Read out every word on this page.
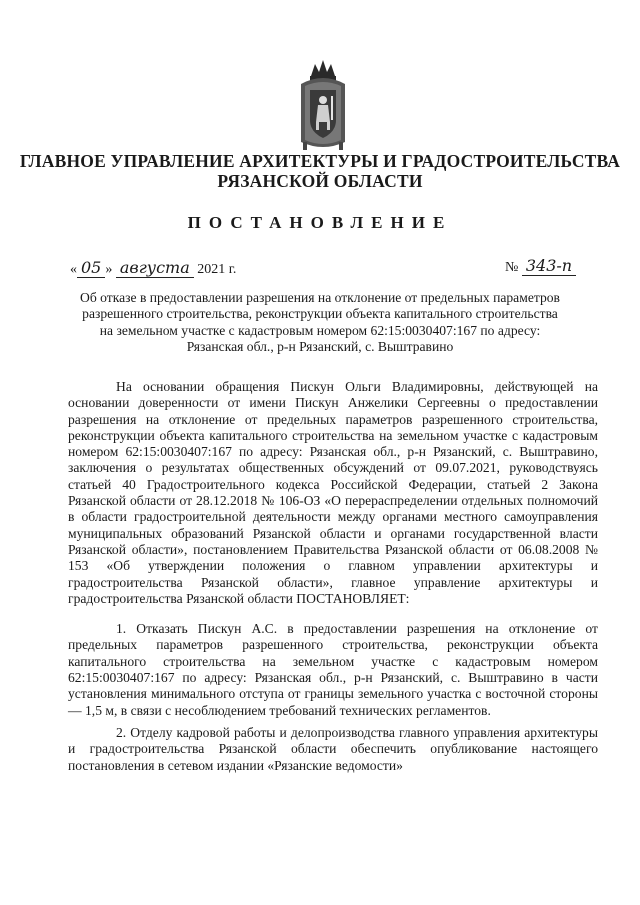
ГЛАВНОЕ УПРАВЛЕНИЕ АРХИТЕКТУРЫ И ГРАДОСТРОИТЕЛЬСТВА
РЯЗАНСКОЙ ОБЛАСТИ
ПОСТАНОВЛЕНИЕ
« 05 » августа 2021 г.	№ 343-п
Об отказе в предоставлении разрешения на отклонение от предельных параметров
разрешенного строительства, реконструкции объекта капитального строительства
на земельном участке с кадастровым номером 62:15:0030407:167 по адресу:
Рязанская обл., р-н Рязанский, с. Выштравино

На основании обращения Пискун Ольги Владимировны, действующей на основании доверенности от имени Пискун Анжелики Сергеевны о предоставлении разрешения на отклонение от предельных параметров разрешенного строительства, реконструкции объекта капитального строительства на земельном участке с кадастровым номером 62:15:0030407:167 по адресу: Рязанская обл., р-н Рязанский, с. Выштравино, заключения о результатах общественных обсуждений от 09.07.2021, руководствуясь статьей 40 Градостроительного кодекса Российской Федерации, статьей 2 Закона Рязанской области от 28.12.2018 № 106-ОЗ «О перераспределении отдельных полномочий в области градостроительной деятельности между органами местного самоуправления муниципальных образований Рязанской области и органами государственной власти Рязанской области», постановлением Правительства Рязанской области от 06.08.2008 № 153 «Об утверждении положения о главном управлении архитектуры и градостроительства Рязанской области», главное управление архитектуры и градостроительства Рязанской области ПОСТАНОВЛЯЕТ:

1. Отказать Пискун А.С. в предоставлении разрешения на отклонение от предельных параметров разрешенного строительства, реконструкции объекта капитального строительства на земельном участке с кадастровым номером 62:15:0030407:167 по адресу: Рязанская обл., р-н Рязанский, с. Выштравино в части установления минимального отступа от границы земельного участка с восточной стороны — 1,5 м, в связи с несоблюдением требований технических регламентов.

2. Отделу кадровой работы и делопроизводства главного управления архитектуры и градостроительства Рязанской области обеспечить опубликование настоящего постановления в сетевом издании «Рязанские ведомости»
